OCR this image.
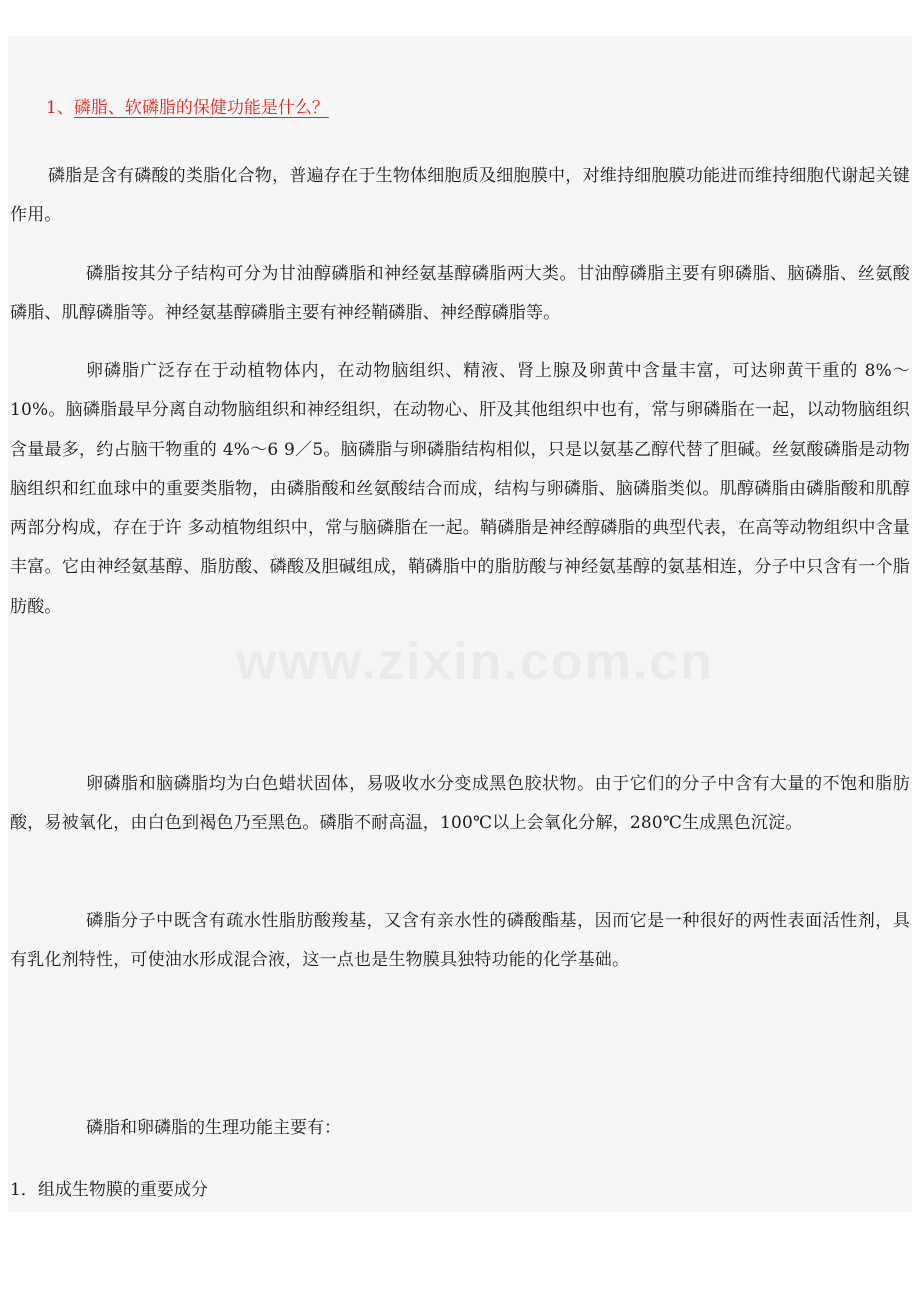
1、磷脂、软磷脂的保健功能是什么？

磷脂是含有磷酸的类脂化合物，普遍存在于生物体细胞质及细胞膜中，对维持细胞膜功能进而维持细胞代谢起关键作用。

磷脂按其分子结构可分为甘油醇磷脂和神经氨基醇磷脂两大类。甘油醇磷脂主要有卵磷脂、脑磷脂、丝氨酸磷脂、肌醇磷脂等。神经氨基醇磷脂主要有神经鞘磷脂、神经醇磷脂等。

卵磷脂广泛存在于动植物体内，在动物脑组织、精液、肾上腺及卵黄中含量丰富，可达卵黄干重的 8%～10%。脑磷脂最早分离自动物脑组织和神经组织，在动物心、肝及其他组织中也有，常与卵磷脂在一起，以动物脑组织含量最多，约占脑干物重的 4%～6 9／5。脑磷脂与卵磷脂结构相似，只是以氨基乙醇代替了胆碱。丝氨酸磷脂是动物脑组织和红血球中的重要类脂物，由磷脂酸和丝氨酸结合而成，结构与卵磷脂、脑磷脂类似。肌醇磷脂由磷脂酸和肌醇两部分构成，存在于许 多动植物组织中，常与脑磷脂在一起。鞘磷脂是神经醇磷脂的典型代表，在高等动物组织中含量丰富。它由神经氨基醇、脂肪酸、磷酸及胆碱组成，鞘磷脂中的脂肪酸与神经氨基醇的氨基相连，分子中只含有一个脂肪酸。

卵磷脂和脑磷脂均为白色蜡状固体，易吸收水分变成黑色胶状物。由于它们的分子中含有大量的不饱和脂肪酸，易被氧化，由白色到褐色乃至黑色。磷脂不耐高温，100℃以上会氧化分解，280℃生成黑色沉淀。

磷脂分子中既含有疏水性脂肪酸羧基，又含有亲水性的磷酸酯基，因而它是一种很好的两性表面活性剂，具有乳化剂特性，可使油水形成混合液，这一点也是生物膜具独特功能的化学基础。

磷脂和卵磷脂的生理功能主要有：
1．组成生物膜的重要成分
www.zixin.com.cn
